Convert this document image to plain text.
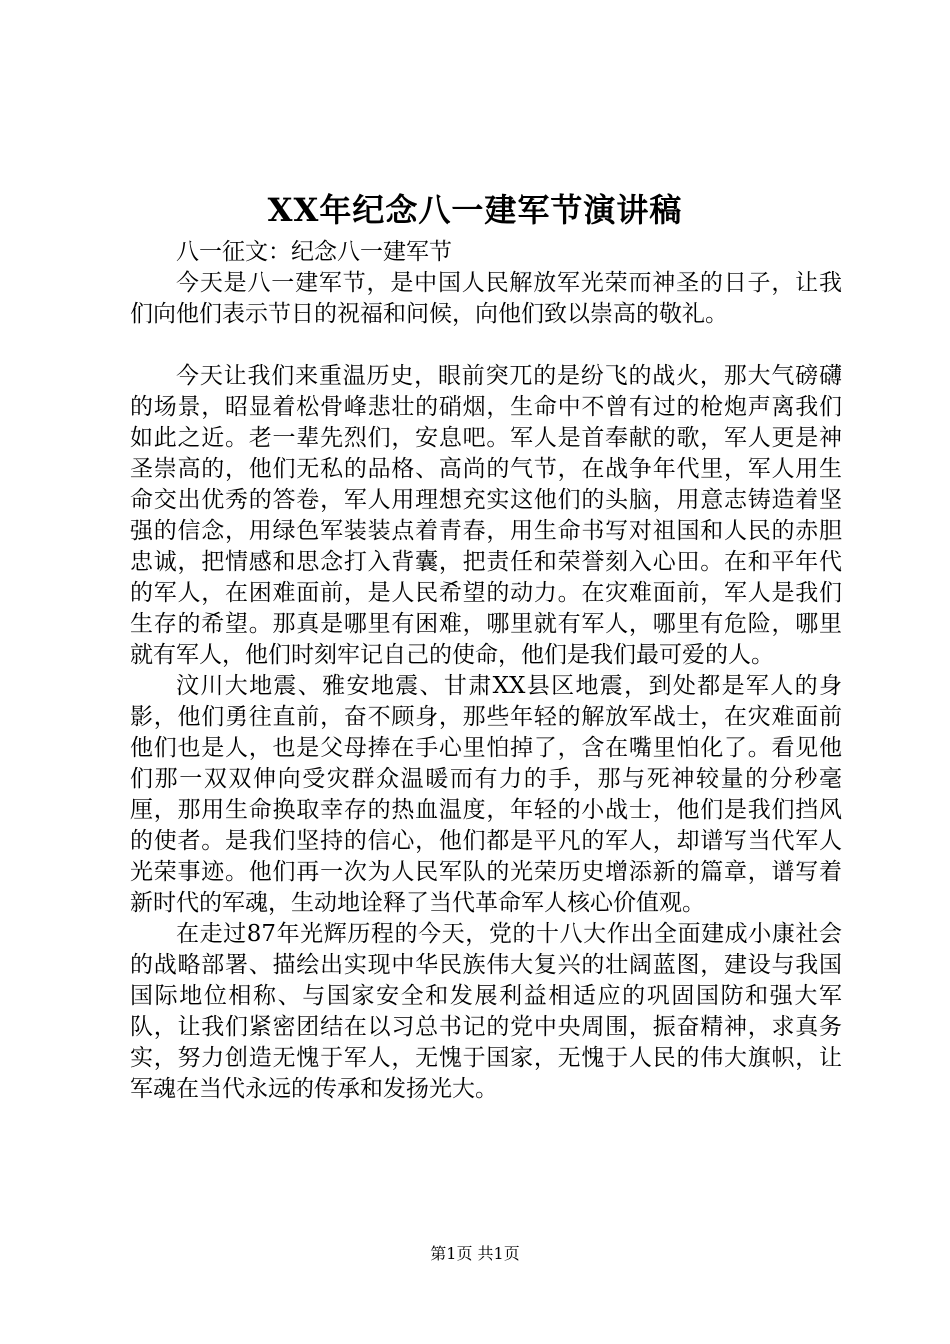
XX年纪念八一建军节演讲稿

八一征文：纪念八一建军节

今天是八一建军节，是中国人民解放军光荣而神圣的日子，让我们向他们表示节日的祝福和问候，向他们致以崇高的敬礼。

今天让我们来重温历史，眼前突兀的是纷飞的战火，那大气磅礴的场景，昭显着松骨峰悲壮的硝烟，生命中不曾有过的枪炮声离我们如此之近。老一辈先烈们，安息吧。军人是首奉献的歌，军人更是神圣崇高的，他们无私的品格、高尚的气节，在战争年代里，军人用生命交出优秀的答卷，军人用理想充实这他们的头脑，用意志铸造着坚强的信念，用绿色军装装点着青春，用生命书写对祖国和人民的赤胆忠诚，把情感和思念打入背囊，把责任和荣誉刻入心田。在和平年代的军人，在困难面前，是人民希望的动力。在灾难面前，军人是我们生存的希望。那真是哪里有困难，哪里就有军人，哪里有危险，哪里就有军人，他们时刻牢记自己的使命，他们是我们最可爱的人。

汶川大地震、雅安地震、甘肃XX县区地震，到处都是军人的身影，他们勇往直前，奋不顾身，那些年轻的解放军战士，在灾难面前他们也是人，也是父母捧在手心里怕掉了，含在嘴里怕化了。看见他们那一双双伸向受灾群众温暖而有力的手，那与死神较量的分秒毫厘，那用生命换取幸存的热血温度，年轻的小战士，他们是我们挡风的使者。是我们坚持的信心，他们都是平凡的军人，却谱写当代军人光荣事迹。他们再一次为人民军队的光荣历史增添新的篇章，谱写着新时代的军魂，生动地诠释了当代革命军人核心价值观。

在走过87年光辉历程的今天，党的十八大作出全面建成小康社会的战略部署、描绘出实现中华民族伟大复兴的壮阔蓝图，建设与我国国际地位相称、与国家安全和发展利益相适应的巩固国防和强大军队，让我们紧密团结在以习总书记的党中央周围，振奋精神，求真务实，努力创造无愧于军人，无愧于国家，无愧于人民的伟大旗帜，让军魂在当代永远的传承和发扬光大。

第1页 共1页
